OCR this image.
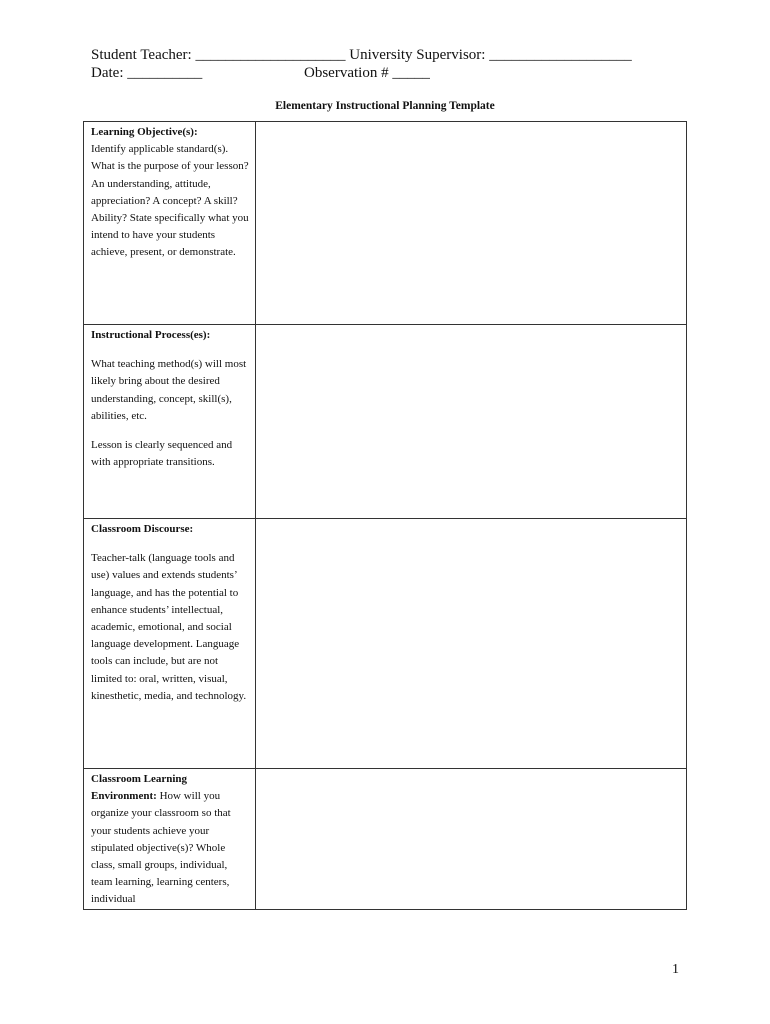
Student Teacher: ____________________ University Supervisor: ___________________
Date: __________	Observation # _____
Elementary Instructional Planning Template
Learning Objective(s):
Identify applicable standard(s). What is the purpose of your lesson? An understanding, attitude, appreciation? A concept? A skill? Ability? State specifically what you intend to have your students achieve, present, or demonstrate.	

Instructional Process(es):

What teaching method(s) will most likely bring about the desired understanding, concept, skill(s), abilities, etc.

Lesson is clearly sequenced and with appropriate transitions.	

Classroom Discourse:

Teacher-talk (language tools and use) values and extends students’ language, and has the potential to enhance students’ intellectual, academic, emotional, and social language development. Language tools can include, but are not limited to: oral, written, visual, kinesthetic, media, and technology.	

Classroom Learning Environment: How will you organize your classroom so that your students achieve your stipulated objective(s)? Whole class, small groups, individual, team learning, learning centers, individual	
1
